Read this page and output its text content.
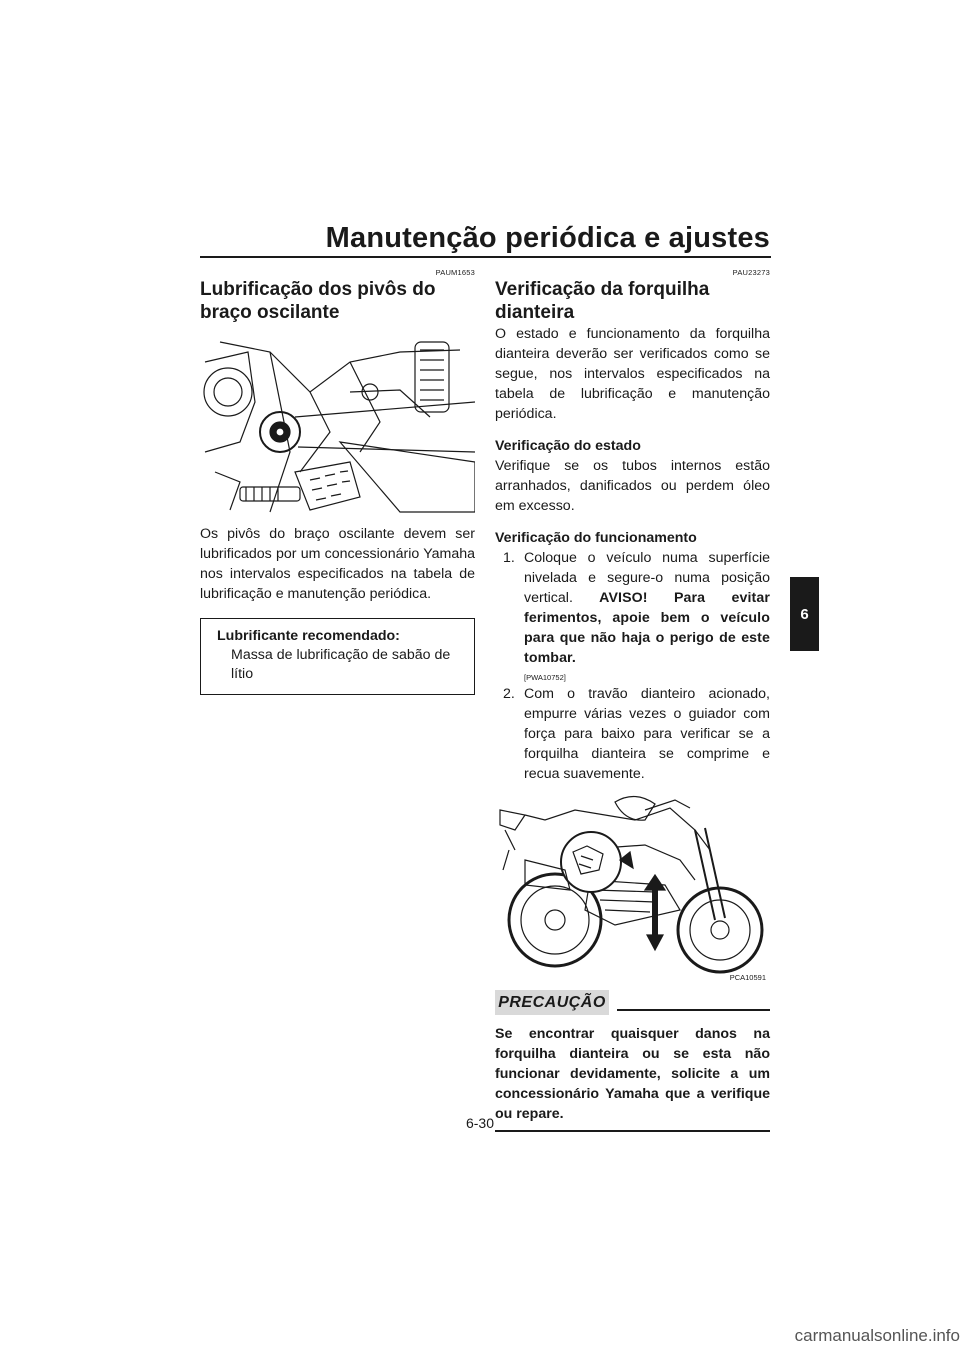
Manutenção periódica e ajustes
6
PAUM1653
Lubrificação dos pivôs do braço oscilante

Os pivôs do braço oscilante devem ser lubrificados por um concessionário Yamaha nos intervalos especificados na tabela de lubrificação e manutenção periódica.

Lubrificante recomendado:
Massa de lubrificação de sabão de lítio
PAU23273
Verificação da forquilha dianteira

O estado e funcionamento da forquilha dianteira deverão ser verificados como se segue, nos intervalos especificados na tabela de lubrificação e manutenção periódica.

Verificação do estado

Verifique se os tubos internos estão arranhados, danificados ou perdem óleo em excesso.

Verificação do funcionamento
1. Coloque o veículo numa superfície nivelada e segure-o numa posição vertical. AVISO! Para evitar ferimentos, apoie bem o veículo para que não haja o perigo de este tombar.
[PWA10752]
2. Com o travão dianteiro acionado, empurre várias vezes o guiador com força para baixo para verificar se a forquilha dianteira se comprime e recua suavemente.
PCA10591
PRECAUÇÃO
Se encontrar quaisquer danos na forquilha dianteira ou se esta não funcionar devidamente, solicite a um concessionário Yamaha que a verifique ou repare.
6-30
carmanualsonline.info
